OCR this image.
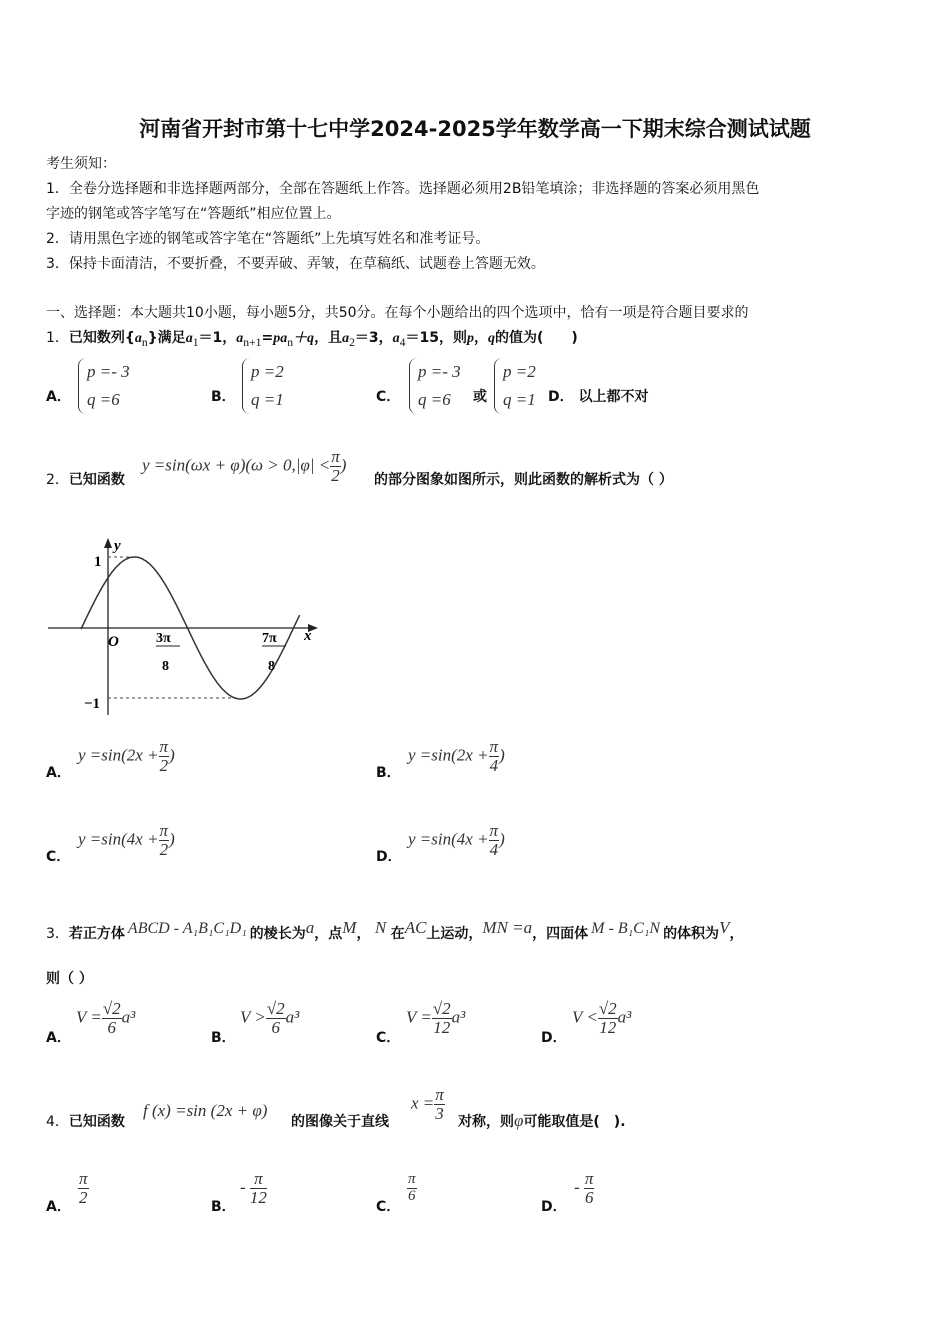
河南省开封市第十七中学2024-2025学年数学高一下期末综合测试试题
考生须知：
1．全卷分选择题和非选择题两部分，全部在答题纸上作答。选择题必须用2B铅笔填涂；非选择题的答案必须用黑色
字迹的钢笔或答字笔写在“答题纸”相应位置上。
2．请用黑色字迹的钢笔或答字笔在“答题纸”上先填写姓名和准考证号。
3．保持卡面清洁，不要折叠，不要弄破、弄皱，在草稿纸、试题卷上答题无效。
一、选择题：本大题共10小题，每小题5分，共50分。在每个小题给出的四个选项中，恰有一项是符合题目要求的
1．已知数列$\{a_n\}$满足$a_1=1$，$a_{n+1}=pa_n+q$，且$a_2=3$，$a_4=15$，则p，q的值为(　　)
A．
p =- 3
q =6	B．
p =2
q =1	C．
p =- 3
q =6	或
p =2
q =1 D． 以上都不对
2．已知函数
$y =\sin(\omega x + \varphi)(\omega > 0,|\varphi| < \frac{\pi}{2}$ )
的部分图象如图所示，则此函数的解析式为（ ）
y
x
O
1
−1
3π
8
7π
8
A．
$y =\sin(2x + \frac{\pi}{2}$ )
B．
$y =\sin(2x + \frac{\pi}{4}$ )
C．
$y =\sin(4x + \frac{\pi}{2}$ )
D．
$y =\sin(4x + \frac{\pi}{4}$ )
3．若正方体 ABCD - A₁B₁C₁D₁ 的棱长为a，点M， N 在AC上运动，MN =a，四面体 M - B₁C₁N 的体积为V，
则（ ）
A．
$V = \frac{√2}{6} a^3$
B．
$V > \frac{√2}{6} a^3$
C．
$V = \frac{√2}{12} a^3$
D．
$V < \frac{√2}{12} a^3$
4．已知函数
f (x) =sin (2x + φ)
的图像关于直线
$x = \frac{\pi}{3}$ 对称，则φ可能取值是(　).
A．
$\frac{\pi}{2}$
B．
- $\frac{\pi}{12}$
C．
$\frac{\pi}{6}$
D．
- $\frac{\pi}{6}$
